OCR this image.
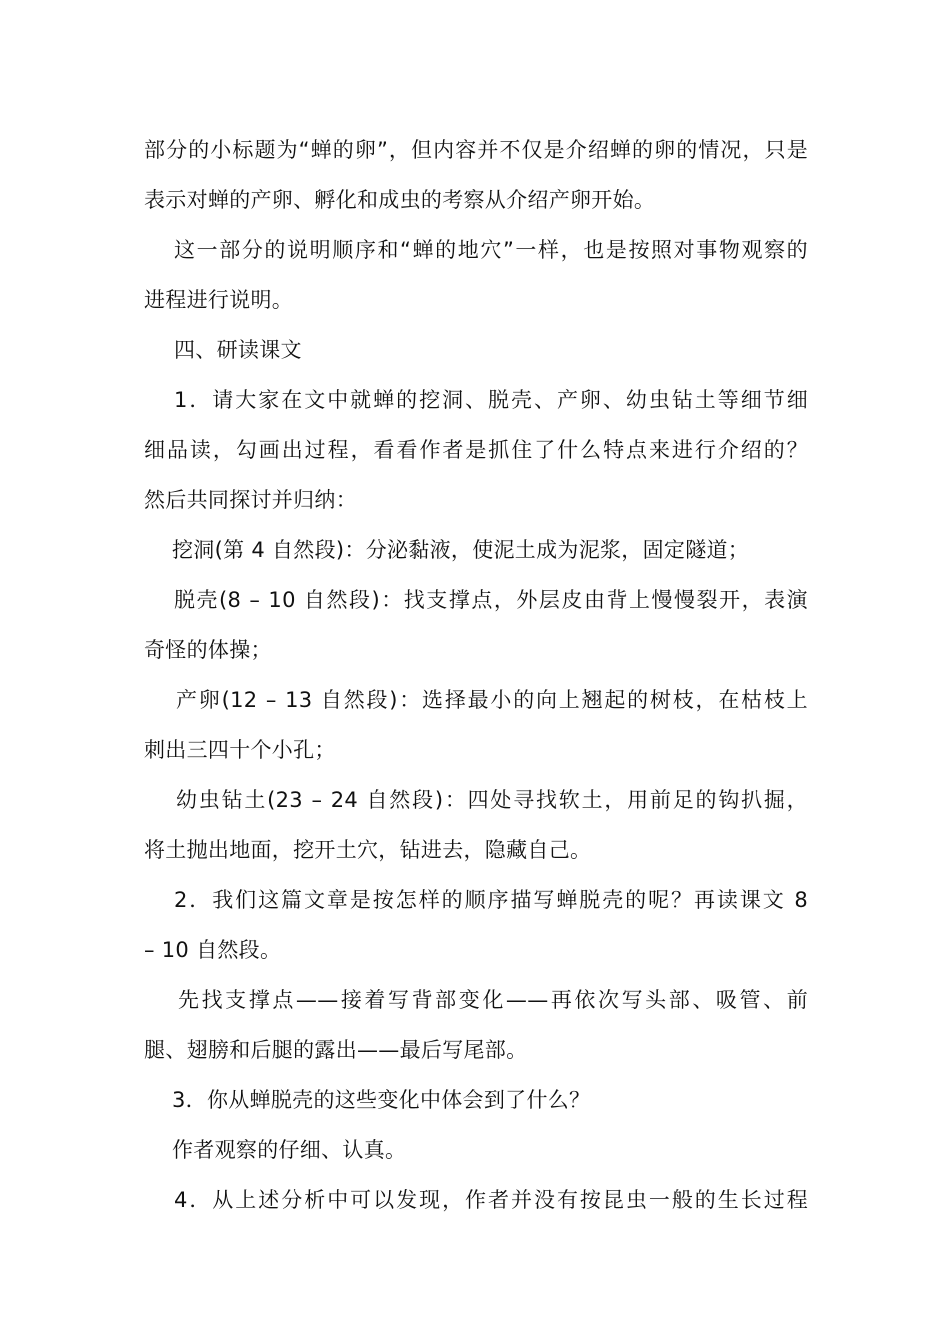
部分的小标题为“蝉的卵”，但内容并不仅是介绍蝉的卵的情况，只是
表示对蝉的产卵、孵化和成虫的考察从介绍产卵开始。
这一部分的说明顺序和“蝉的地穴”一样，也是按照对事物观察的
进程进行说明。
四、研读课文
1．请大家在文中就蝉的挖洞、脱壳、产卵、幼虫钻土等细节细
细品读，勾画出过程，看看作者是抓住了什么特点来进行介绍的？
然后共同探讨并归纳：
挖洞(第 4 自然段)：分泌黏液，使泥土成为泥浆，固定隧道；
脱壳(8 – 10 自然段)：找支撑点，外层皮由背上慢慢裂开，表演
奇怪的体操；
产卵(12 – 13 自然段)：选择最小的向上翘起的树枝，在枯枝上
刺出三四十个小孔；
幼虫钻土(23 – 24 自然段)：四处寻找软土，用前足的钩扒掘，
将土抛出地面，挖开土穴，钻进去，隐藏自己。
2．我们这篇文章是按怎样的顺序描写蝉脱壳的呢？再读课文 8
– 10 自然段。
先找支撑点——接着写背部变化——再依次写头部、吸管、前
腿、翅膀和后腿的露出——最后写尾部。
3．你从蝉脱壳的这些变化中体会到了什么？
作者观察的仔细、认真。
4．从上述分析中可以发现，作者并没有按昆虫一般的生长过程
